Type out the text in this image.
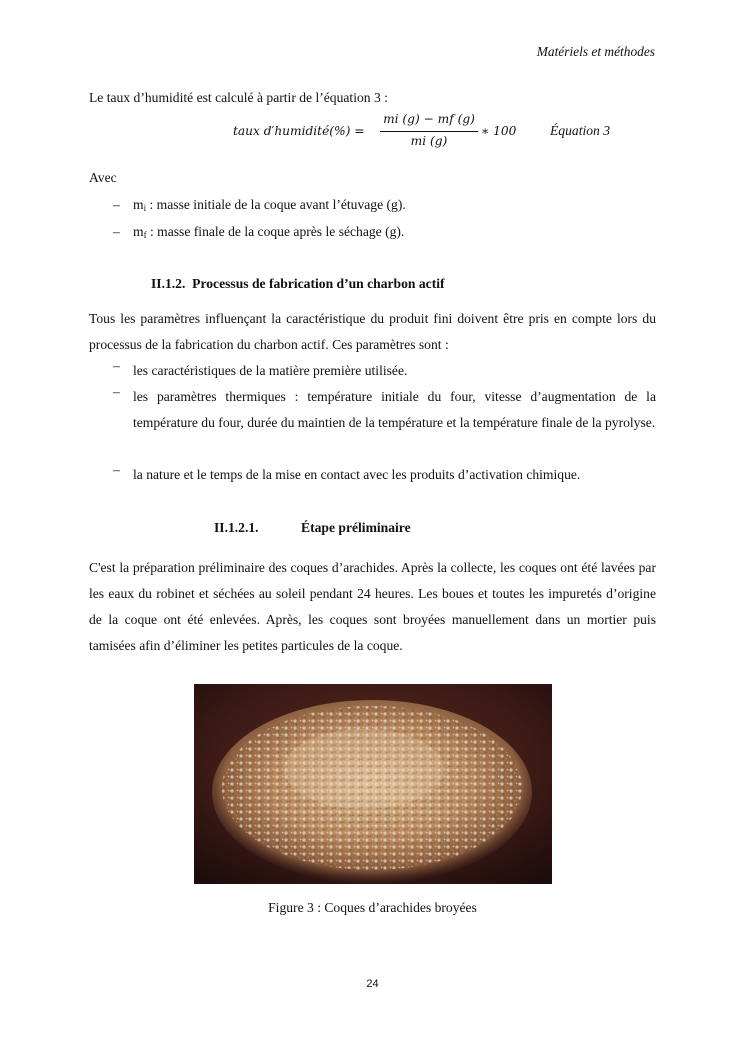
Matériels et méthodes
Le taux d’humidité est calculé à partir de l’équation 3 :
taux d′humidité(%) =
mi (g) − mf (g)
mi (g)
∗ 100 Équation 3
Avec
– $m_i$ : masse initiale de la coque avant l’étuvage (g).
– $m_f$ : masse finale de la coque après le séchage (g).
II.1.2. Processus de fabrication d’un charbon actif
Tous les paramètres influençant la caractéristique du produit fini doivent être pris en compte lors du processus de la fabrication du charbon actif. Ces paramètres sont :
– les caractéristiques de la matière première utilisée.
– les paramètres thermiques : température initiale du four, vitesse d’augmentation de la température du four, durée du maintien de la température et la température finale de la pyrolyse.
– la nature et le temps de la mise en contact avec les produits d’activation chimique.
II.1.2.1.	Étape préliminaire
C'est la préparation préliminaire des coques d’arachides. Après la collecte, les coques ont été lavées par les eaux du robinet et séchées au soleil pendant 24 heures. Les boues et toutes les impuretés d’origine de la coque ont été enlevées. Après, les coques sont broyées manuellement dans un mortier puis tamisées afin d’éliminer les petites particules de la coque.
Figure 3 : Coques d’arachides broyées
24
